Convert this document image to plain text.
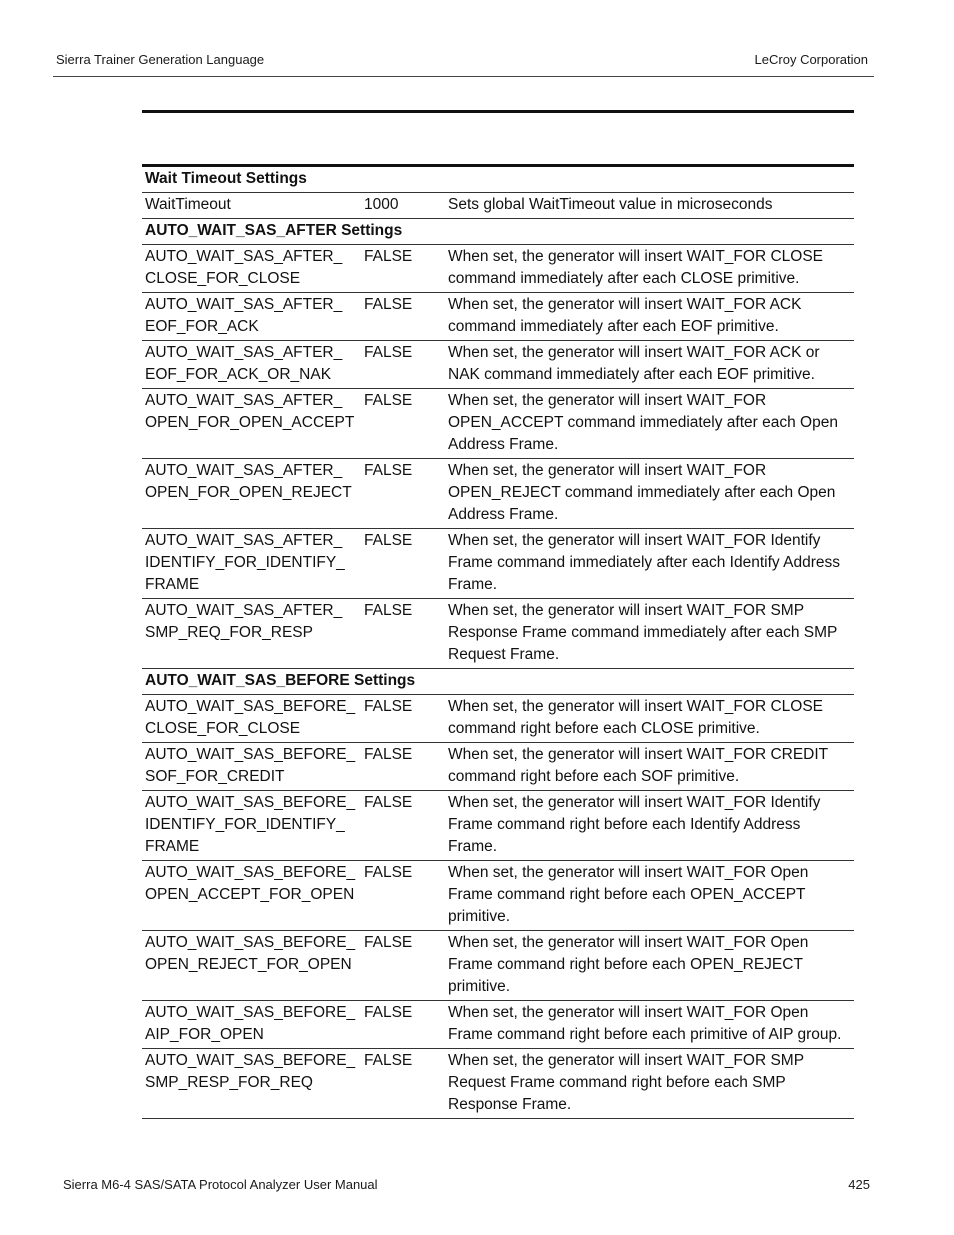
Sierra Trainer Generation Language	LeCroy Corporation
Wait Timeout Settings		
WaitTimeout	1000	Sets global WaitTimeout value in microseconds
AUTO_WAIT_SAS_AFTER Settings		
AUTO_WAIT_SAS_AFTER_ CLOSE_FOR_CLOSE	FALSE	When set, the generator will insert WAIT_FOR CLOSE command immediately after each CLOSE primitive.
AUTO_WAIT_SAS_AFTER_ EOF_FOR_ACK	FALSE	When set, the generator will insert WAIT_FOR ACK command immediately after each EOF primitive.
AUTO_WAIT_SAS_AFTER_ EOF_FOR_ACK_OR_NAK	FALSE	When set, the generator will insert WAIT_FOR ACK or NAK command immediately after each EOF primitive.
AUTO_WAIT_SAS_AFTER_ OPEN_FOR_OPEN_ACCEPT	FALSE	When set, the generator will insert WAIT_FOR OPEN_ACCEPT command immediately after each Open Address Frame.
AUTO_WAIT_SAS_AFTER_ OPEN_FOR_OPEN_REJECT	FALSE	When set, the generator will insert WAIT_FOR OPEN_REJECT command immediately after each Open Address Frame.
AUTO_WAIT_SAS_AFTER_ IDENTIFY_FOR_IDENTIFY_ FRAME	FALSE	When set, the generator will insert WAIT_FOR Identify Frame command immediately after each Identify Address Frame.
AUTO_WAIT_SAS_AFTER_ SMP_REQ_FOR_RESP	FALSE	When set, the generator will insert WAIT_FOR SMP Response Frame command immediately after each SMP Request Frame.
AUTO_WAIT_SAS_BEFORE Settings		
AUTO_WAIT_SAS_BEFORE_ CLOSE_FOR_CLOSE	FALSE	When set, the generator will insert WAIT_FOR CLOSE command right before each CLOSE primitive.
AUTO_WAIT_SAS_BEFORE_ SOF_FOR_CREDIT	FALSE	When set, the generator will insert WAIT_FOR CREDIT command right before each SOF primitive.
AUTO_WAIT_SAS_BEFORE_ IDENTIFY_FOR_IDENTIFY_ FRAME	FALSE	When set, the generator will insert WAIT_FOR Identify Frame command right before each Identify Address Frame.
AUTO_WAIT_SAS_BEFORE_ OPEN_ACCEPT_FOR_OPEN	FALSE	When set, the generator will insert WAIT_FOR Open Frame command right before each OPEN_ACCEPT primitive.
AUTO_WAIT_SAS_BEFORE_ OPEN_REJECT_FOR_OPEN	FALSE	When set, the generator will insert WAIT_FOR Open Frame command right before each OPEN_REJECT primitive.
AUTO_WAIT_SAS_BEFORE_ AIP_FOR_OPEN	FALSE	When set, the generator will insert WAIT_FOR Open Frame command right before each primitive of AIP group.
AUTO_WAIT_SAS_BEFORE_ SMP_RESP_FOR_REQ	FALSE	When set, the generator will insert WAIT_FOR SMP Request Frame command right before each SMP Response Frame.
Sierra M6-4 SAS/SATA Protocol Analyzer User Manual	425
